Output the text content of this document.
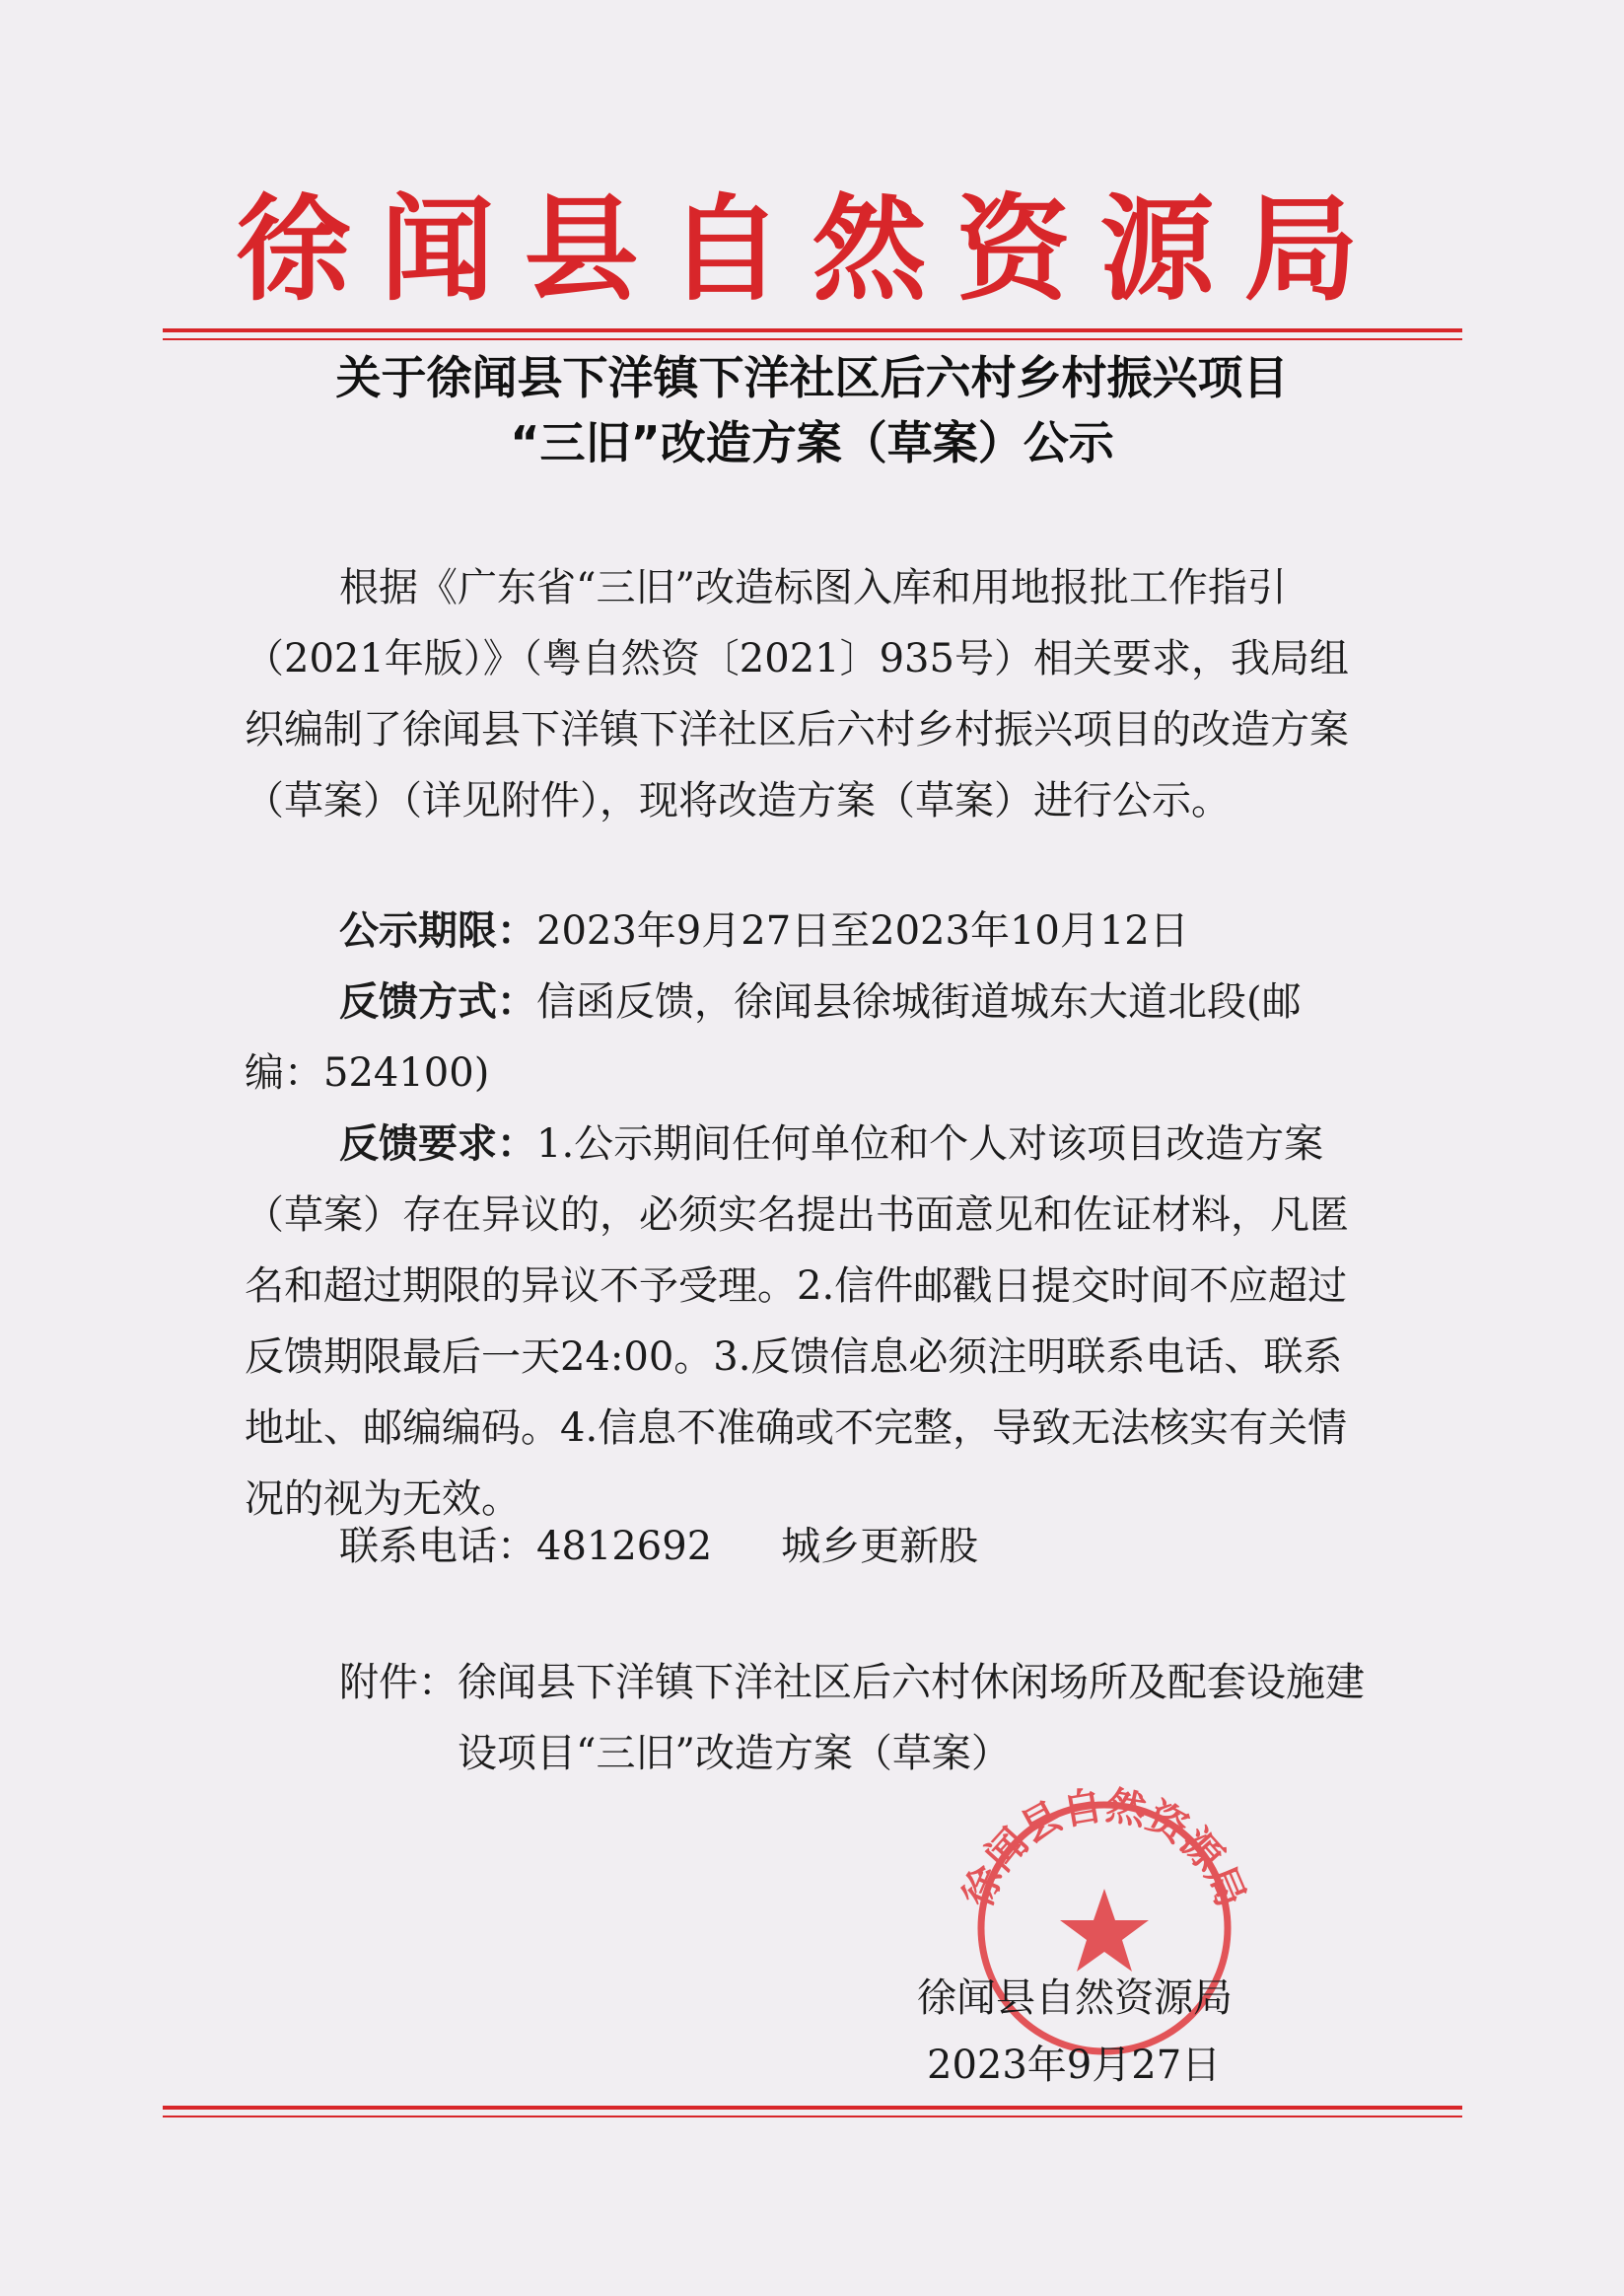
徐闻县自然资源局
关于徐闻县下洋镇下洋社区后六村乡村振兴项目
“三旧”改造方案（草案）公示
根据《广东省“三旧”改造标图入库和用地报批工作指引（2021年版）》（粤自然资〔2021〕935号）相关要求，我局组织编制了徐闻县下洋镇下洋社区后六村乡村振兴项目的改造方案（草案）（详见附件），现将改造方案（草案）进行公示。
公示期限：2023年9月27日至2023年10月12日
反馈方式：信函反馈，徐闻县徐城街道城东大道北段(邮编：524100)
反馈要求：1.公示期间任何单位和个人对该项目改造方案（草案）存在异议的，必须实名提出书面意见和佐证材料，凡匿名和超过期限的异议不予受理。2.信件邮戳日提交时间不应超过反馈期限最后一天24:00。3.反馈信息必须注明联系电话、联系地址、邮编编码。4.信息不准确或不完整，导致无法核实有关情况的视为无效。
联系电话：4812692 城乡更新股
附件： 徐闻县下洋镇下洋社区后六村休闲场所及配套设施建设项目“三旧”改造方案（草案）
徐闻县自然资源局
徐闻县自然资源局
2023年9月27日
